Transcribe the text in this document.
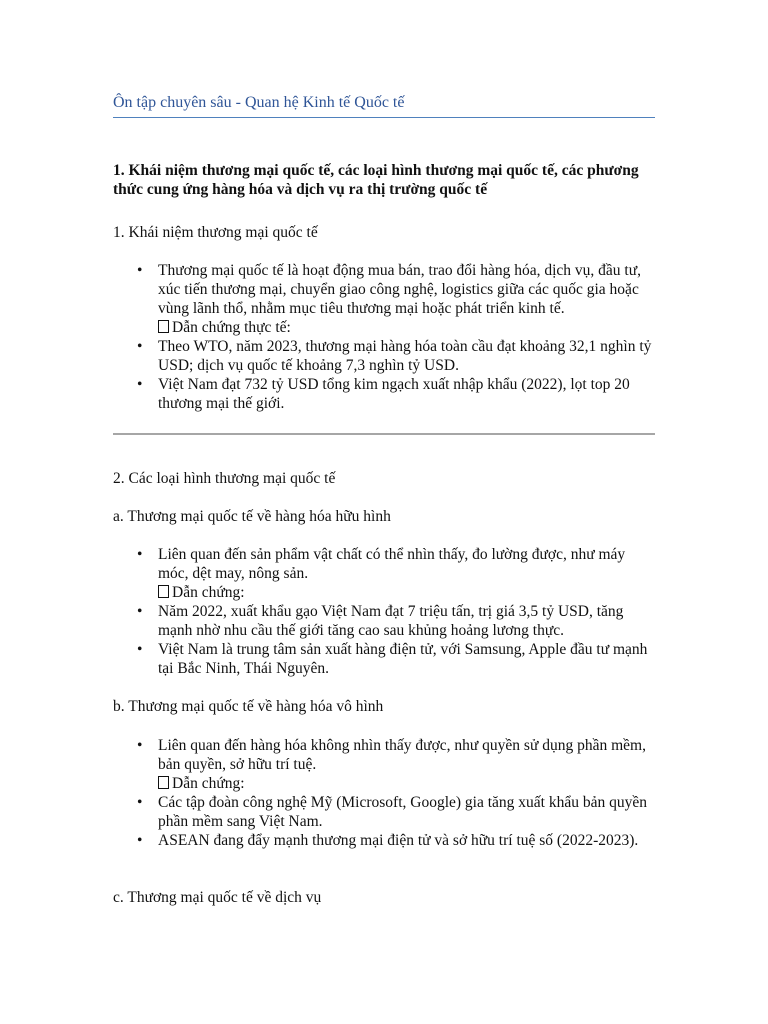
Ôn tập chuyên sâu - Quan hệ Kinh tế Quốc tế

1. Khái niệm thương mại quốc tế, các loại hình thương mại quốc tế, các phương thức cung ứng hàng hóa và dịch vụ ra thị trường quốc tế

1. Khái niệm thương mại quốc tế

• Thương mại quốc tế là hoạt động mua bán, trao đổi hàng hóa, dịch vụ, đầu tư, xúc tiến thương mại, chuyển giao công nghệ, logistics giữa các quốc gia hoặc vùng lãnh thổ, nhằm mục tiêu thương mại hoặc phát triển kinh tế.
Dẫn chứng thực tế:
• Theo WTO, năm 2023, thương mại hàng hóa toàn cầu đạt khoảng 32,1 nghìn tỷ USD; dịch vụ quốc tế khoảng 7,3 nghìn tỷ USD.
• Việt Nam đạt 732 tỷ USD tổng kim ngạch xuất nhập khẩu (2022), lọt top 20 thương mại thế giới.

2. Các loại hình thương mại quốc tế

a. Thương mại quốc tế về hàng hóa hữu hình

• Liên quan đến sản phẩm vật chất có thể nhìn thấy, đo lường được, như máy móc, dệt may, nông sản.
Dẫn chứng:
• Năm 2022, xuất khẩu gạo Việt Nam đạt 7 triệu tấn, trị giá 3,5 tỷ USD, tăng mạnh nhờ nhu cầu thế giới tăng cao sau khủng hoảng lương thực.
• Việt Nam là trung tâm sản xuất hàng điện tử, với Samsung, Apple đầu tư mạnh tại Bắc Ninh, Thái Nguyên.

b. Thương mại quốc tế về hàng hóa vô hình

• Liên quan đến hàng hóa không nhìn thấy được, như quyền sử dụng phần mềm, bản quyền, sở hữu trí tuệ.
Dẫn chứng:
• Các tập đoàn công nghệ Mỹ (Microsoft, Google) gia tăng xuất khẩu bản quyền phần mềm sang Việt Nam.
• ASEAN đang đẩy mạnh thương mại điện tử và sở hữu trí tuệ số (2022-2023).

c. Thương mại quốc tế về dịch vụ
